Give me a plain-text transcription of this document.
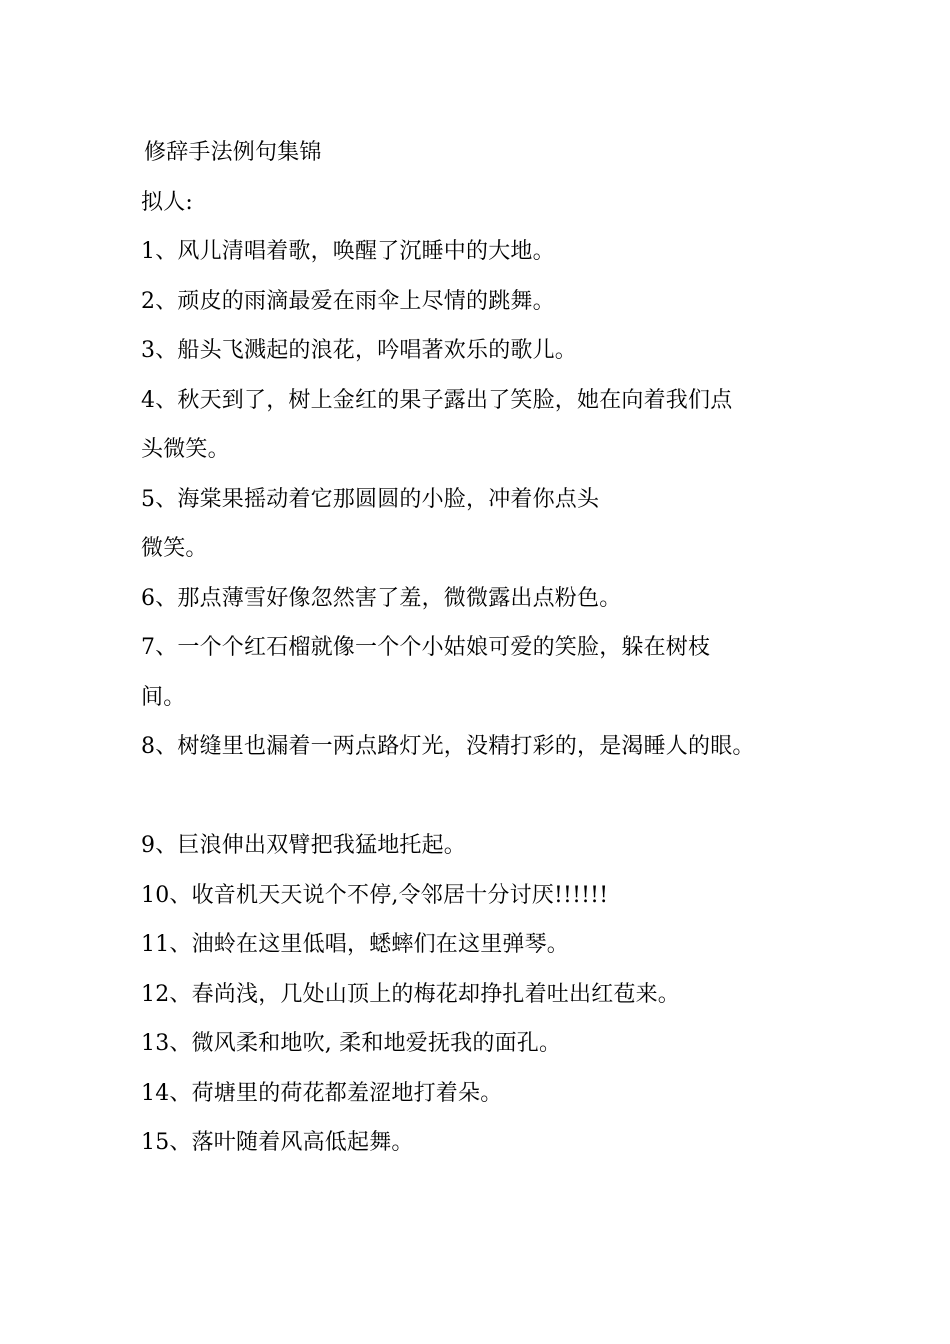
修辞手法例句集锦
拟人:
1、风儿清唱着歌，唤醒了沉睡中的大地。
2、顽皮的雨滴最爱在雨伞上尽情的跳舞。
3、船头飞溅起的浪花，吟唱著欢乐的歌儿。
4、秋天到了，树上金红的果子露出了笑脸，她在向着我们点
头微笑。
5、海棠果摇动着它那圆圆的小脸，冲着你点头
微笑。
6、那点薄雪好像忽然害了羞，微微露出点粉色。
7、一个个红石榴就像一个个小姑娘可爱的笑脸，躲在树枝
间。
8、树缝里也漏着一两点路灯光，没精打彩的，是渴睡人的眼。
9、巨浪伸出双臂把我猛地托起。
10、收音机天天说个不停,令邻居十分讨厌!!!!!!
11、油蛉在这里低唱，蟋蟀们在这里弹琴。
12、春尚浅，几处山顶上的梅花却挣扎着吐出红苞来。
13、微风柔和地吹, 柔和地爱抚我的面孔。
14、荷塘里的荷花都羞涩地打着朵。
15、落叶随着风高低起舞。
